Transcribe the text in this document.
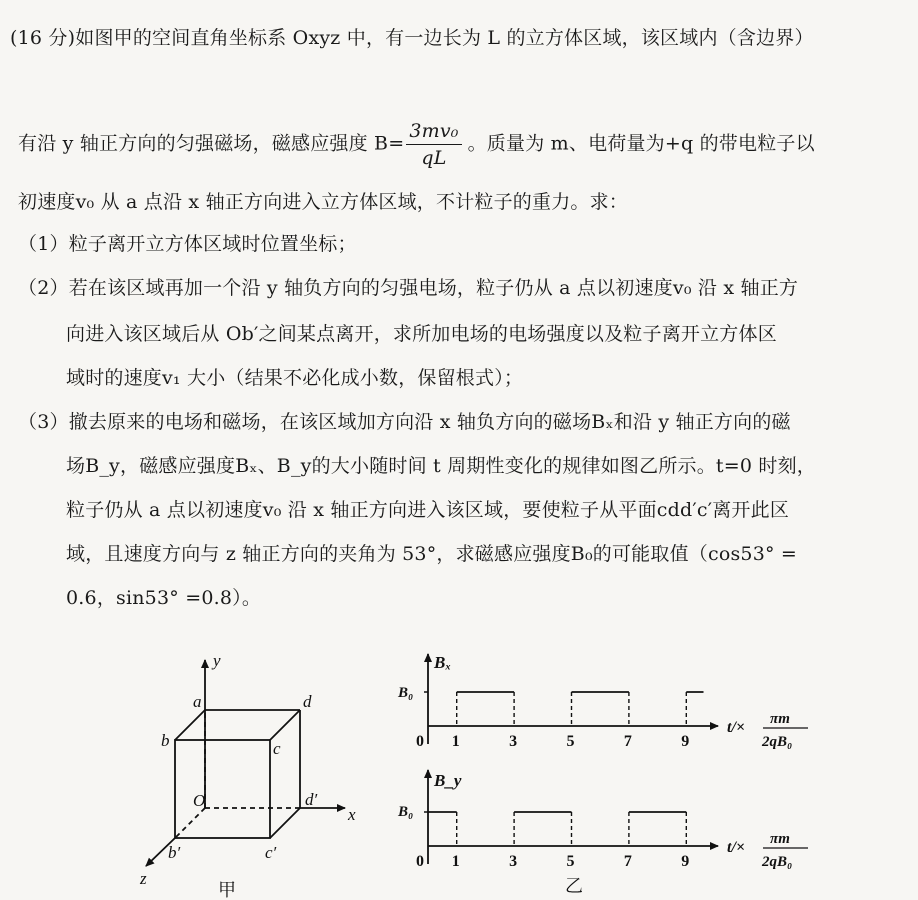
(16 分)如图甲的空间直角坐标系 Oxyz 中，有一边长为 L 的立方体区域，该区域内（含边界）
有沿 y 轴正方向的匀强磁场，磁感应强度 $B= \frac{\text{3mv₀}}{qL}$ 。质量为 m、电荷量为+q 的带电粒子以
初速度v₀ 从 a 点沿 x 轴正方向进入立方体区域，不计粒子的重力。求：
（1）粒子离开立方体区域时位置坐标；
（2）若在该区域再加一个沿 y 轴负方向的匀强电场，粒子仍从 a 点以初速度v₀ 沿 x 轴正方
向进入该区域后从 Ob′之间某点离开，求所加电场的电场强度以及粒子离开立方体区
域时的速度v₁ 大小（结果不必化成小数，保留根式）；
（3）撤去原来的电场和磁场，在该区域加方向沿 x 轴负方向的磁场Bₓ和沿 y 轴正方向的磁
场B_y，磁感应强度Bₓ、B_y的大小随时间 t 周期性变化的规律如图乙所示。t=0 时刻，
粒子仍从 a 点以初速度v₀ 沿 x 轴正方向进入该区域，要使粒子从平面cdd′c′离开此区
域，且速度方向与 z 轴正方向的夹角为 53°，求磁感应强度B₀的可能取值（cos53° =
0.6，sin53° =0.8）。
y
a	d
b	c
O	d′
x
b′	c′
z
甲
Bₓ
B₀
0 1	3	5	7	9
t/× πm
2qB₀
B_y
B₀
0 1	3	5	7	9
t/× πm
2qB₀
乙
